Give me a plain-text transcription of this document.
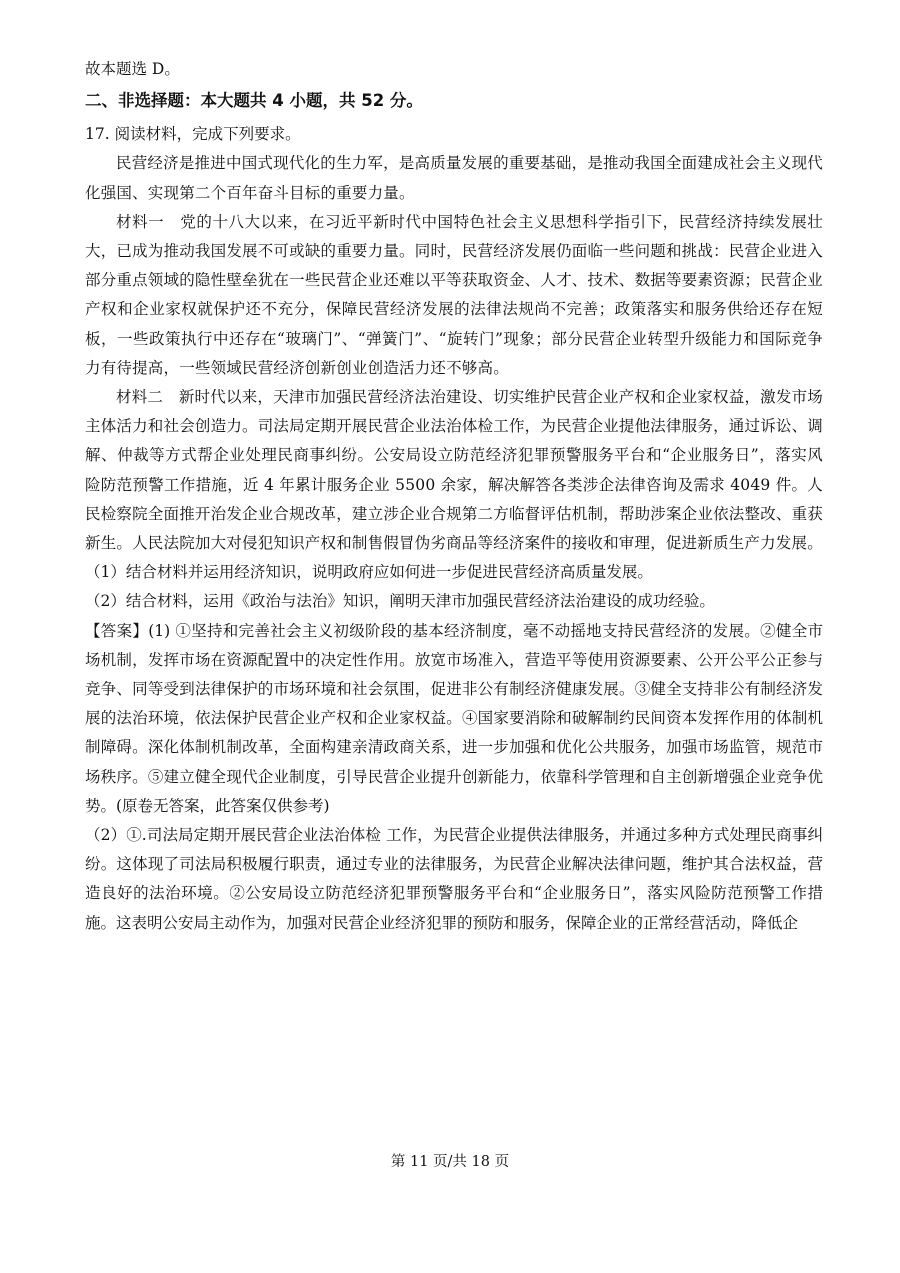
故本题选 D。

二、非选择题：本大题共 4 小题，共 52 分。

17. 阅读材料，完成下列要求。

民营经济是推进中国式现代化的生力军，是高质量发展的重要基础，是推动我国全面建成社会主义现代化强国、实现第二个百年奋斗目标的重要力量。

材料一　党的十八大以来，在习近平新时代中国特色社会主义思想科学指引下，民营经济持续发展壮大，已成为推动我国发展不可或缺的重要力量。同时，民营经济发展仍面临一些问题和挑战：民营企业进入部分重点领域的隐性壁垒犹在一些民营企业还难以平等获取资金、人才、技术、数据等要素资源；民营企业产权和企业家权就保护还不充分，保障民营经济发展的法律法规尚不完善；政策落实和服务供给还存在短板，一些政策执行中还存在“玻璃门”、“弹簧门”、“旋转门”现象；部分民营企业转型升级能力和国际竞争力有待提高，一些领域民营经济创新创业创造活力还不够高。

材料二　新时代以来，天津市加强民营经济法治建设、切实维护民营企业产权和企业家权益，激发市场主体活力和社会创造力。司法局定期开展民营企业法治体检工作，为民营企业提他法律服务，通过诉讼、调解、仲裁等方式帮企业处理民商事纠纷。公安局设立防范经济犯罪预警服务平台和“企业服务日”，落实风险防范预警工作措施，近 4 年累计服务企业 5500 余家，解决解答各类涉企法律咨询及需求 4049 件。人民检察院全面推开治发企业合规改革，建立涉企业合规第二方临督评估机制，帮助涉案企业依法整改、重获新生。人民法院加大对侵犯知识产权和制售假冒伪劣商品等经济案件的接收和审理，促进新质生产力发展。

（1）结合材料并运用经济知识，说明政府应如何进一步促进民营经济高质量发展。

（2）结合材料，运用《政治与法治》知识，阐明天津市加强民营经济法治建设的成功经验。

【答案】(1) ①坚持和完善社会主义初级阶段的基本经济制度，毫不动摇地支持民营经济的发展。②健全市场机制，发挥市场在资源配置中的决定性作用。放宽市场准入，营造平等使用资源要素、公开公平公正参与竞争、同等受到法律保护的市场环境和社会氛围，促进非公有制经济健康发展。③健全支持非公有制经济发展的法治环境，依法保护民营企业产权和企业家权益。④国家要消除和破解制约民间资本发挥作用的体制机制障碍。深化体制机制改革，全面构建亲清政商关系，进一步加强和优化公共服务，加强市场监管，规范市场秩序。⑤建立健全现代企业制度，引导民营企业提升创新能力，依靠科学管理和自主创新增强企业竞争优势。(原卷无答案，此答案仅供参考)

（2）①.司法局定期开展民营企业法治体检 工作，为民营企业提供法律服务，并通过多种方式处理民商事纠纷。这体现了司法局积极履行职责，通过专业的法律服务，为民营企业解决法律问题，维护其合法权益，营造良好的法治环境。②公安局设立防范经济犯罪预警服务平台和“企业服务日”，落实风险防范预警工作措施。这表明公安局主动作为，加强对民营企业经济犯罪的预防和服务，保障企业的正常经营活动，降低企

第 11 页/共 18 页
